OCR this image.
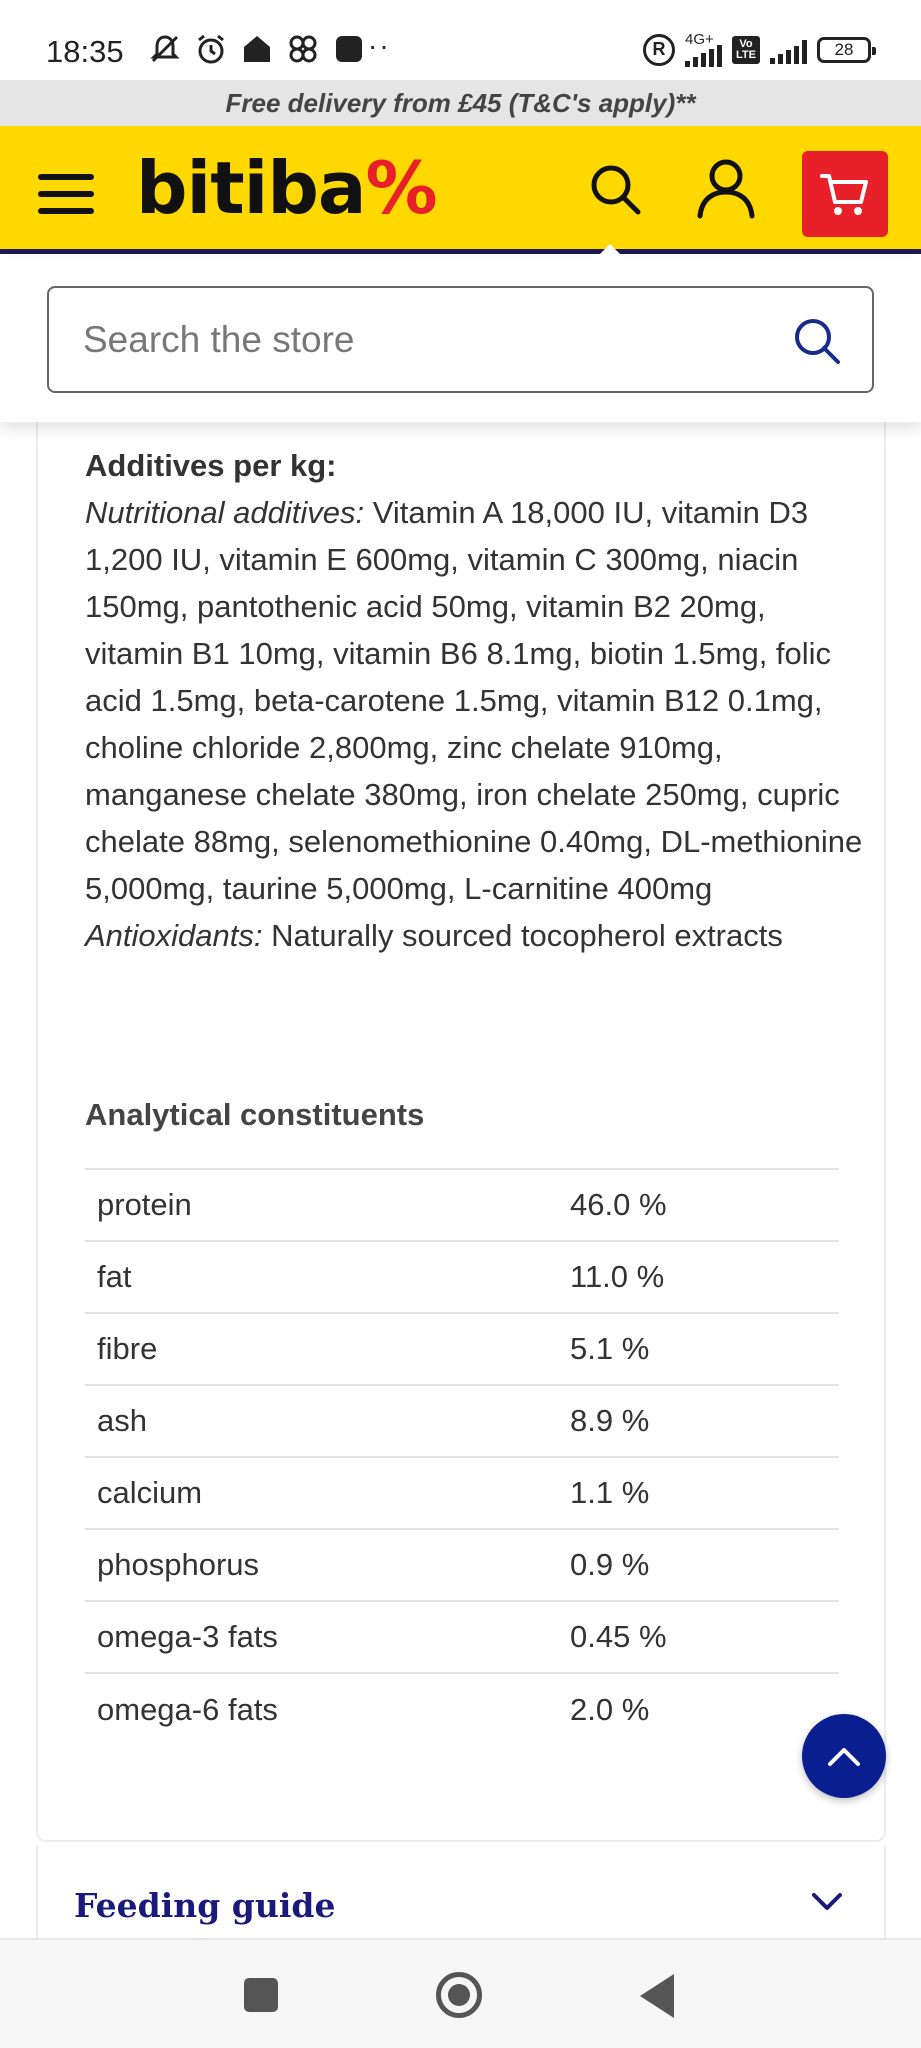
18:35	··	R	4G+	Vo LTE	28
Free delivery from £45 (T&C's apply)**
bitiba%
Search the store
Additives per kg:
Nutritional additives: Vitamin A 18,000 IU, vitamin D3 1,200 IU, vitamin E 600mg, vitamin C 300mg, niacin 150mg, pantothenic acid 50mg, vitamin B2 20mg, vitamin B1 10mg, vitamin B6 8.1mg, biotin 1.5mg, folic acid 1.5mg, beta-carotene 1.5mg, vitamin B12 0.1mg, choline chloride 2,800mg, zinc chelate 910mg, manganese chelate 380mg, iron chelate 250mg, cupric chelate 88mg, selenomethionine 0.40mg, DL-methionine 5,000mg, taurine 5,000mg, L-carnitine 400mg
Antioxidants: Naturally sourced tocopherol extracts
Analytical constituents
protein	46.0 %
fat	11.0 %
fibre	5.1 %
ash	8.9 %
calcium	1.1 %
phosphorus	0.9 %
omega-3 fats	0.45 %
omega-6 fats	2.0 %
Feeding guide
